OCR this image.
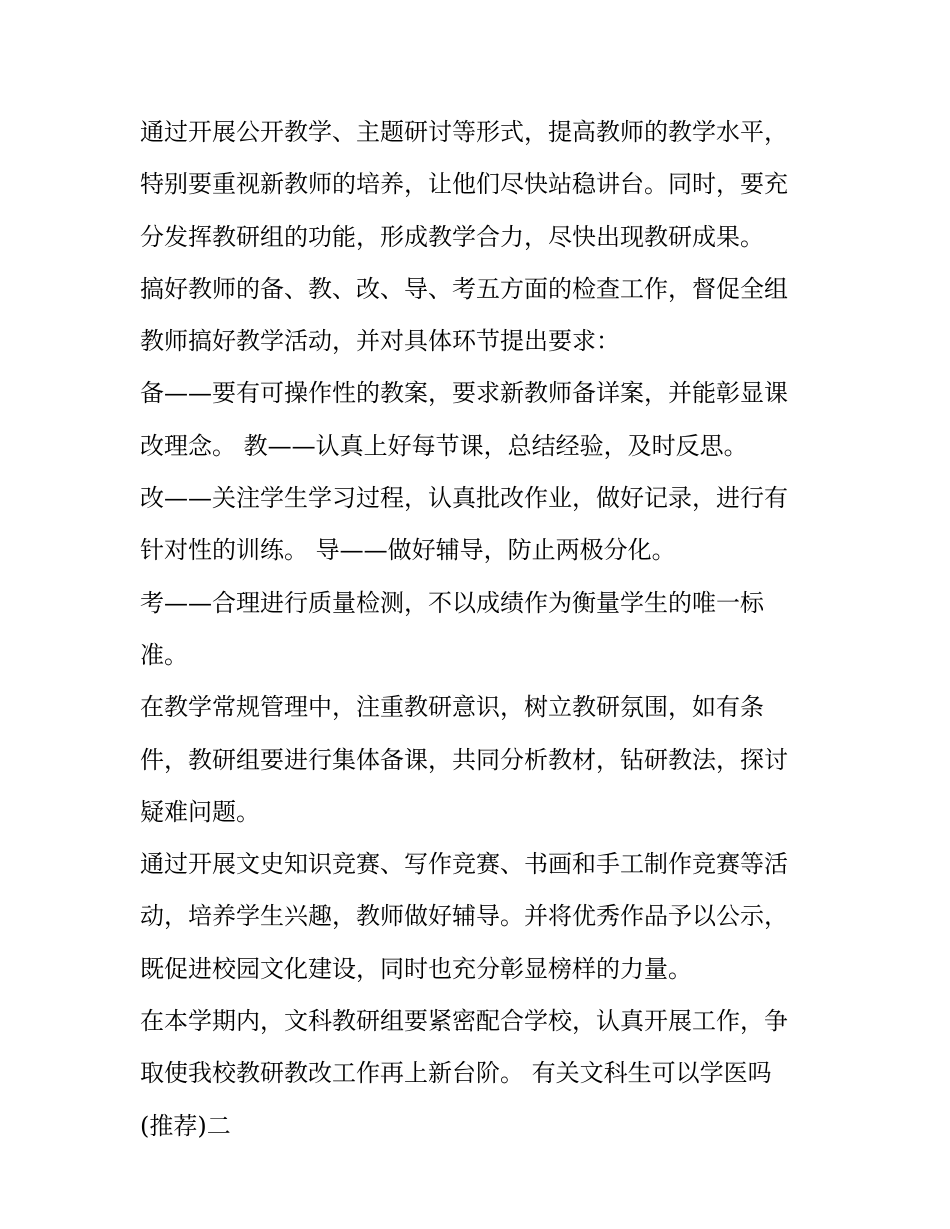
通过开展公开教学、主题研讨等形式，提高教师的教学水平，
特别要重视新教师的培养，让他们尽快站稳讲台。同时，要充
分发挥教研组的功能，形成教学合力，尽快出现教研成果。
搞好教师的备、教、改、导、考五方面的检查工作，督促全组
教师搞好教学活动，并对具体环节提出要求：
备——要有可操作性的教案，要求新教师备详案，并能彰显课
改理念。 教——认真上好每节课，总结经验，及时反思。
改——关注学生学习过程，认真批改作业，做好记录，进行有
针对性的训练。 导——做好辅导，防止两极分化。
考——合理进行质量检测，不以成绩作为衡量学生的唯一标
准。
在教学常规管理中，注重教研意识，树立教研氛围，如有条
件，教研组要进行集体备课，共同分析教材，钻研教法，探讨
疑难问题。
通过开展文史知识竞赛、写作竞赛、书画和手工制作竞赛等活
动，培养学生兴趣，教师做好辅导。并将优秀作品予以公示，
既促进校园文化建设，同时也充分彰显榜样的力量。
在本学期内，文科教研组要紧密配合学校，认真开展工作，争
取使我校教研教改工作再上新台阶。 有关文科生可以学医吗
(推荐)二
